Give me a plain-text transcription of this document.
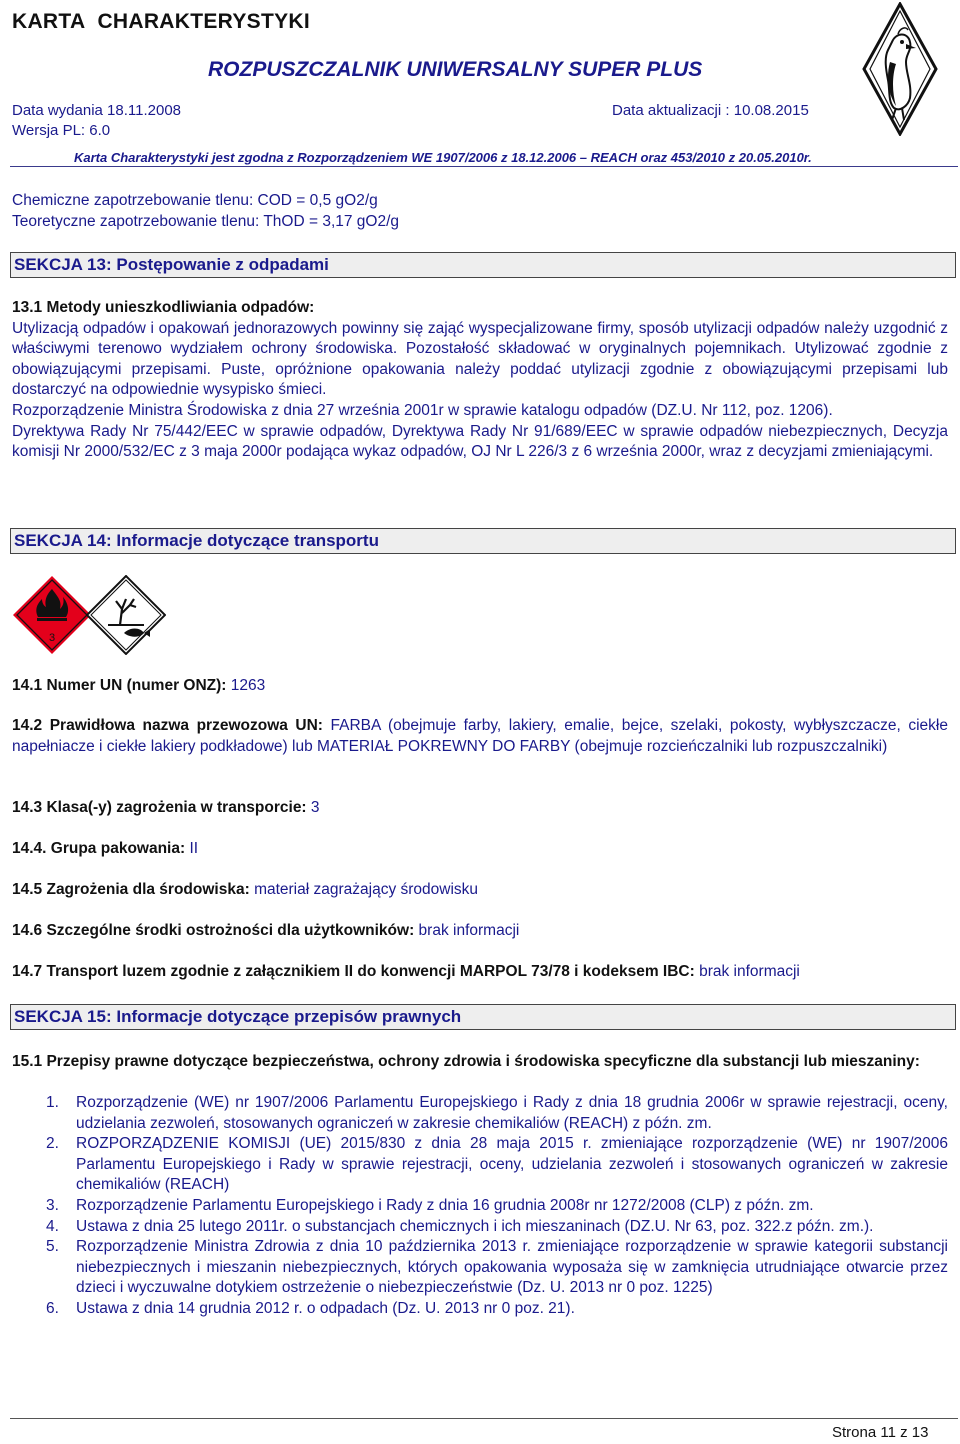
KARTA CHARAKTERYSTYKI
ROZPUSZCZALNIK UNIWERSALNY SUPER PLUS
Data wydania 18.11.2008	Data aktualizacji : 10.08.2015
Wersja PL: 6.0
Karta Charakterystyki jest zgodna z Rozporządzeniem WE 1907/2006 z 18.12.2006 – REACH oraz 453/2010 z 20.05.2010r.
Chemiczne zapotrzebowanie tlenu: COD = 0,5 gO2/g
Teoretyczne zapotrzebowanie tlenu: ThOD = 3,17 gO2/g
SEKCJA 13: Postępowanie z odpadami
13.1 Metody unieszkodliwiania odpadów:
Utylizacją odpadów i opakowań jednorazowych powinny się zająć wyspecjalizowane firmy, sposób utylizacji odpadów należy uzgodnić z właściwymi terenowo wydziałem ochrony środowiska. Pozostałość składować w oryginalnych pojemnikach. Utylizować zgodnie z obowiązującymi przepisami. Puste, opróżnione opakowania należy poddać utylizacji zgodnie z obowiązującymi przepisami lub dostarczyć na odpowiednie wysypisko śmieci.
Rozporządzenie Ministra Środowiska z dnia 27 września 2001r w sprawie katalogu odpadów (DZ.U. Nr 112, poz. 1206).
Dyrektywa Rady Nr 75/442/EEC w sprawie odpadów, Dyrektywa Rady Nr 91/689/EEC w sprawie odpadów niebezpiecznych, Decyzja komisji Nr 2000/532/EC z 3 maja 2000r podająca wykaz odpadów, OJ Nr L 226/3 z 6 września 2000r, wraz z decyzjami zmieniającymi.
SEKCJA 14: Informacje dotyczące transportu
3
14.1 Numer UN (numer ONZ): 1263
14.2 Prawidłowa nazwa przewozowa UN: FARBA (obejmuje farby, lakiery, emalie, bejce, szelaki, pokosty, wybłyszczacze, ciekłe napełniacze i ciekłe lakiery podkładowe) lub MATERIAŁ POKREWNY DO FARBY (obejmuje rozcieńczalniki lub rozpuszczalniki)
14.3 Klasa(-y) zagrożenia w transporcie: 3
14.4. Grupa pakowania: II
14.5 Zagrożenia dla środowiska: materiał zagrażający środowisku
14.6 Szczególne środki ostrożności dla użytkowników: brak informacji
14.7 Transport luzem zgodnie z załącznikiem II do konwencji MARPOL 73/78 i kodeksem IBC: brak informacji
SEKCJA 15: Informacje dotyczące przepisów prawnych
15.1 Przepisy prawne dotyczące bezpieczeństwa, ochrony zdrowia i środowiska specyficzne dla substancji lub mieszaniny:
1. Rozporządzenie (WE) nr 1907/2006 Parlamentu Europejskiego i Rady z dnia 18 grudnia 2006r w sprawie rejestracji, oceny, udzielania zezwoleń, stosowanych ograniczeń w zakresie chemikaliów (REACH) z późn. zm.
2. ROZPORZĄDZENIE KOMISJI (UE) 2015/830 z dnia 28 maja 2015 r. zmieniające rozporządzenie (WE) nr 1907/2006 Parlamentu Europejskiego i Rady w sprawie rejestracji, oceny, udzielania zezwoleń i stosowanych ograniczeń w zakresie chemikaliów (REACH)
3. Rozporządzenie Parlamentu Europejskiego i Rady z dnia 16 grudnia 2008r nr 1272/2008 (CLP) z późn. zm.
4. Ustawa z dnia 25 lutego 2011r. o substancjach chemicznych i ich mieszaninach (DZ.U. Nr 63, poz. 322.z późn. zm.).
5. Rozporządzenie Ministra Zdrowia z dnia 10 października 2013 r. zmieniające rozporządzenie w sprawie kategorii substancji niebezpiecznych i mieszanin niebezpiecznych, których opakowania wyposaża się w zamknięcia utrudniające otwarcie przez dzieci i wyczuwalne dotykiem ostrzeżenie o niebezpieczeństwie (Dz. U. 2013 nr 0 poz. 1225)
6. Ustawa z dnia 14 grudnia 2012 r. o odpadach (Dz. U. 2013 nr 0 poz. 21).
Strona 11 z 13
